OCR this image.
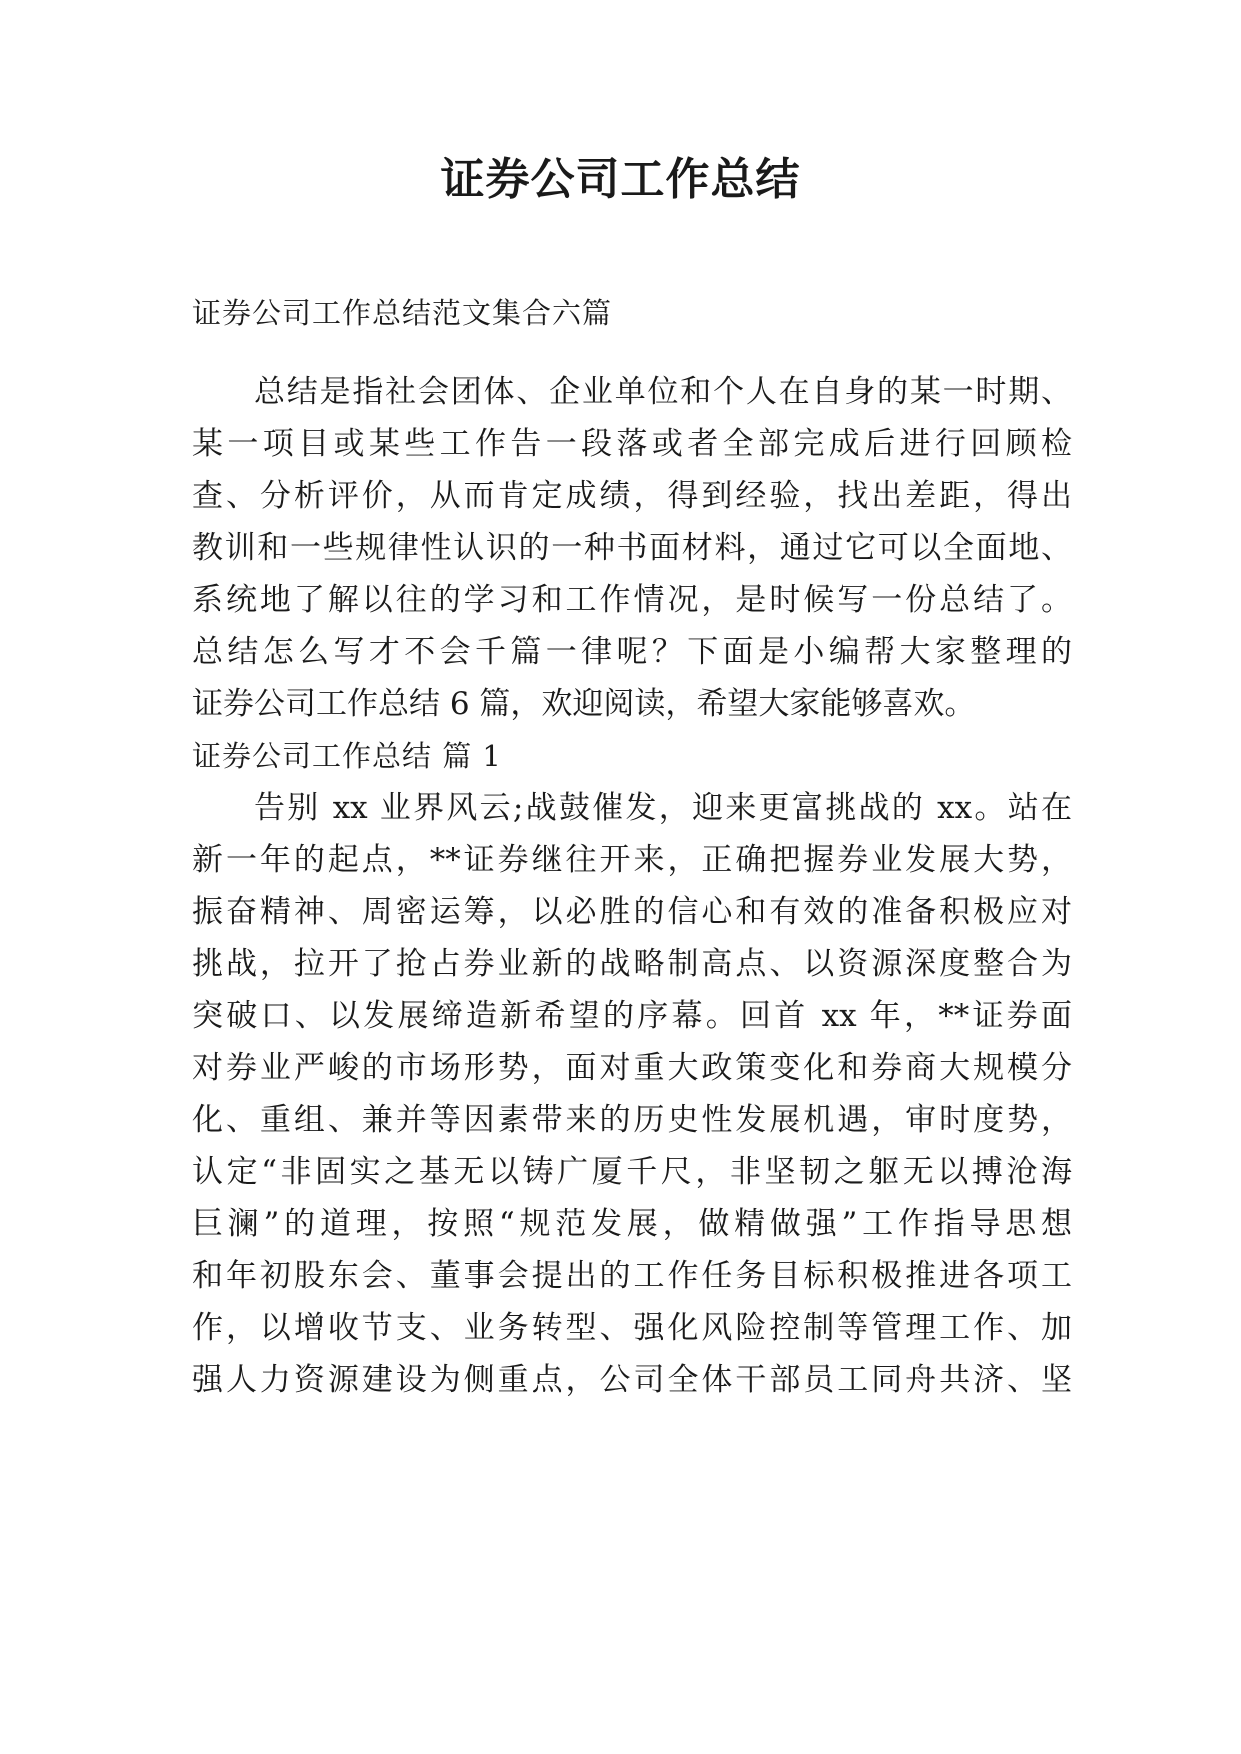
证券公司工作总结

证券公司工作总结范文集合六篇

总结是指社会团体、企业单位和个人在自身的某一时期、

某一项目或某些工作告一段落或者全部完成后进行回顾检

查、分析评价，从而肯定成绩，得到经验，找出差距，得出

教训和一些规律性认识的一种书面材料，通过它可以全面地、

系统地了解以往的学习和工作情况，是时候写一份总结了。

总结怎么写才不会千篇一律呢？下面是小编帮大家整理的

证券公司工作总结 6 篇，欢迎阅读，希望大家能够喜欢。

证券公司工作总结 篇 1

告别 xx 业界风云;战鼓催发，迎来更富挑战的 xx。站在

新一年的起点，**证券继往开来，正确把握券业发展大势，

振奋精神、周密运筹，以必胜的信心和有效的准备积极应对

挑战，拉开了抢占券业新的战略制高点、以资源深度整合为

突破口、以发展缔造新希望的序幕。回首 xx 年，**证券面

对券业严峻的市场形势，面对重大政策变化和券商大规模分

化、重组、兼并等因素带来的历史性发展机遇，审时度势，

认定“非固实之基无以铸广厦千尺，非坚韧之躯无以搏沧海

巨澜”的道理，按照“规范发展，做精做强”工作指导思想

和年初股东会、董事会提出的工作任务目标积极推进各项工

作，以增收节支、业务转型、强化风险控制等管理工作、加

强人力资源建设为侧重点，公司全体干部员工同舟共济、坚
